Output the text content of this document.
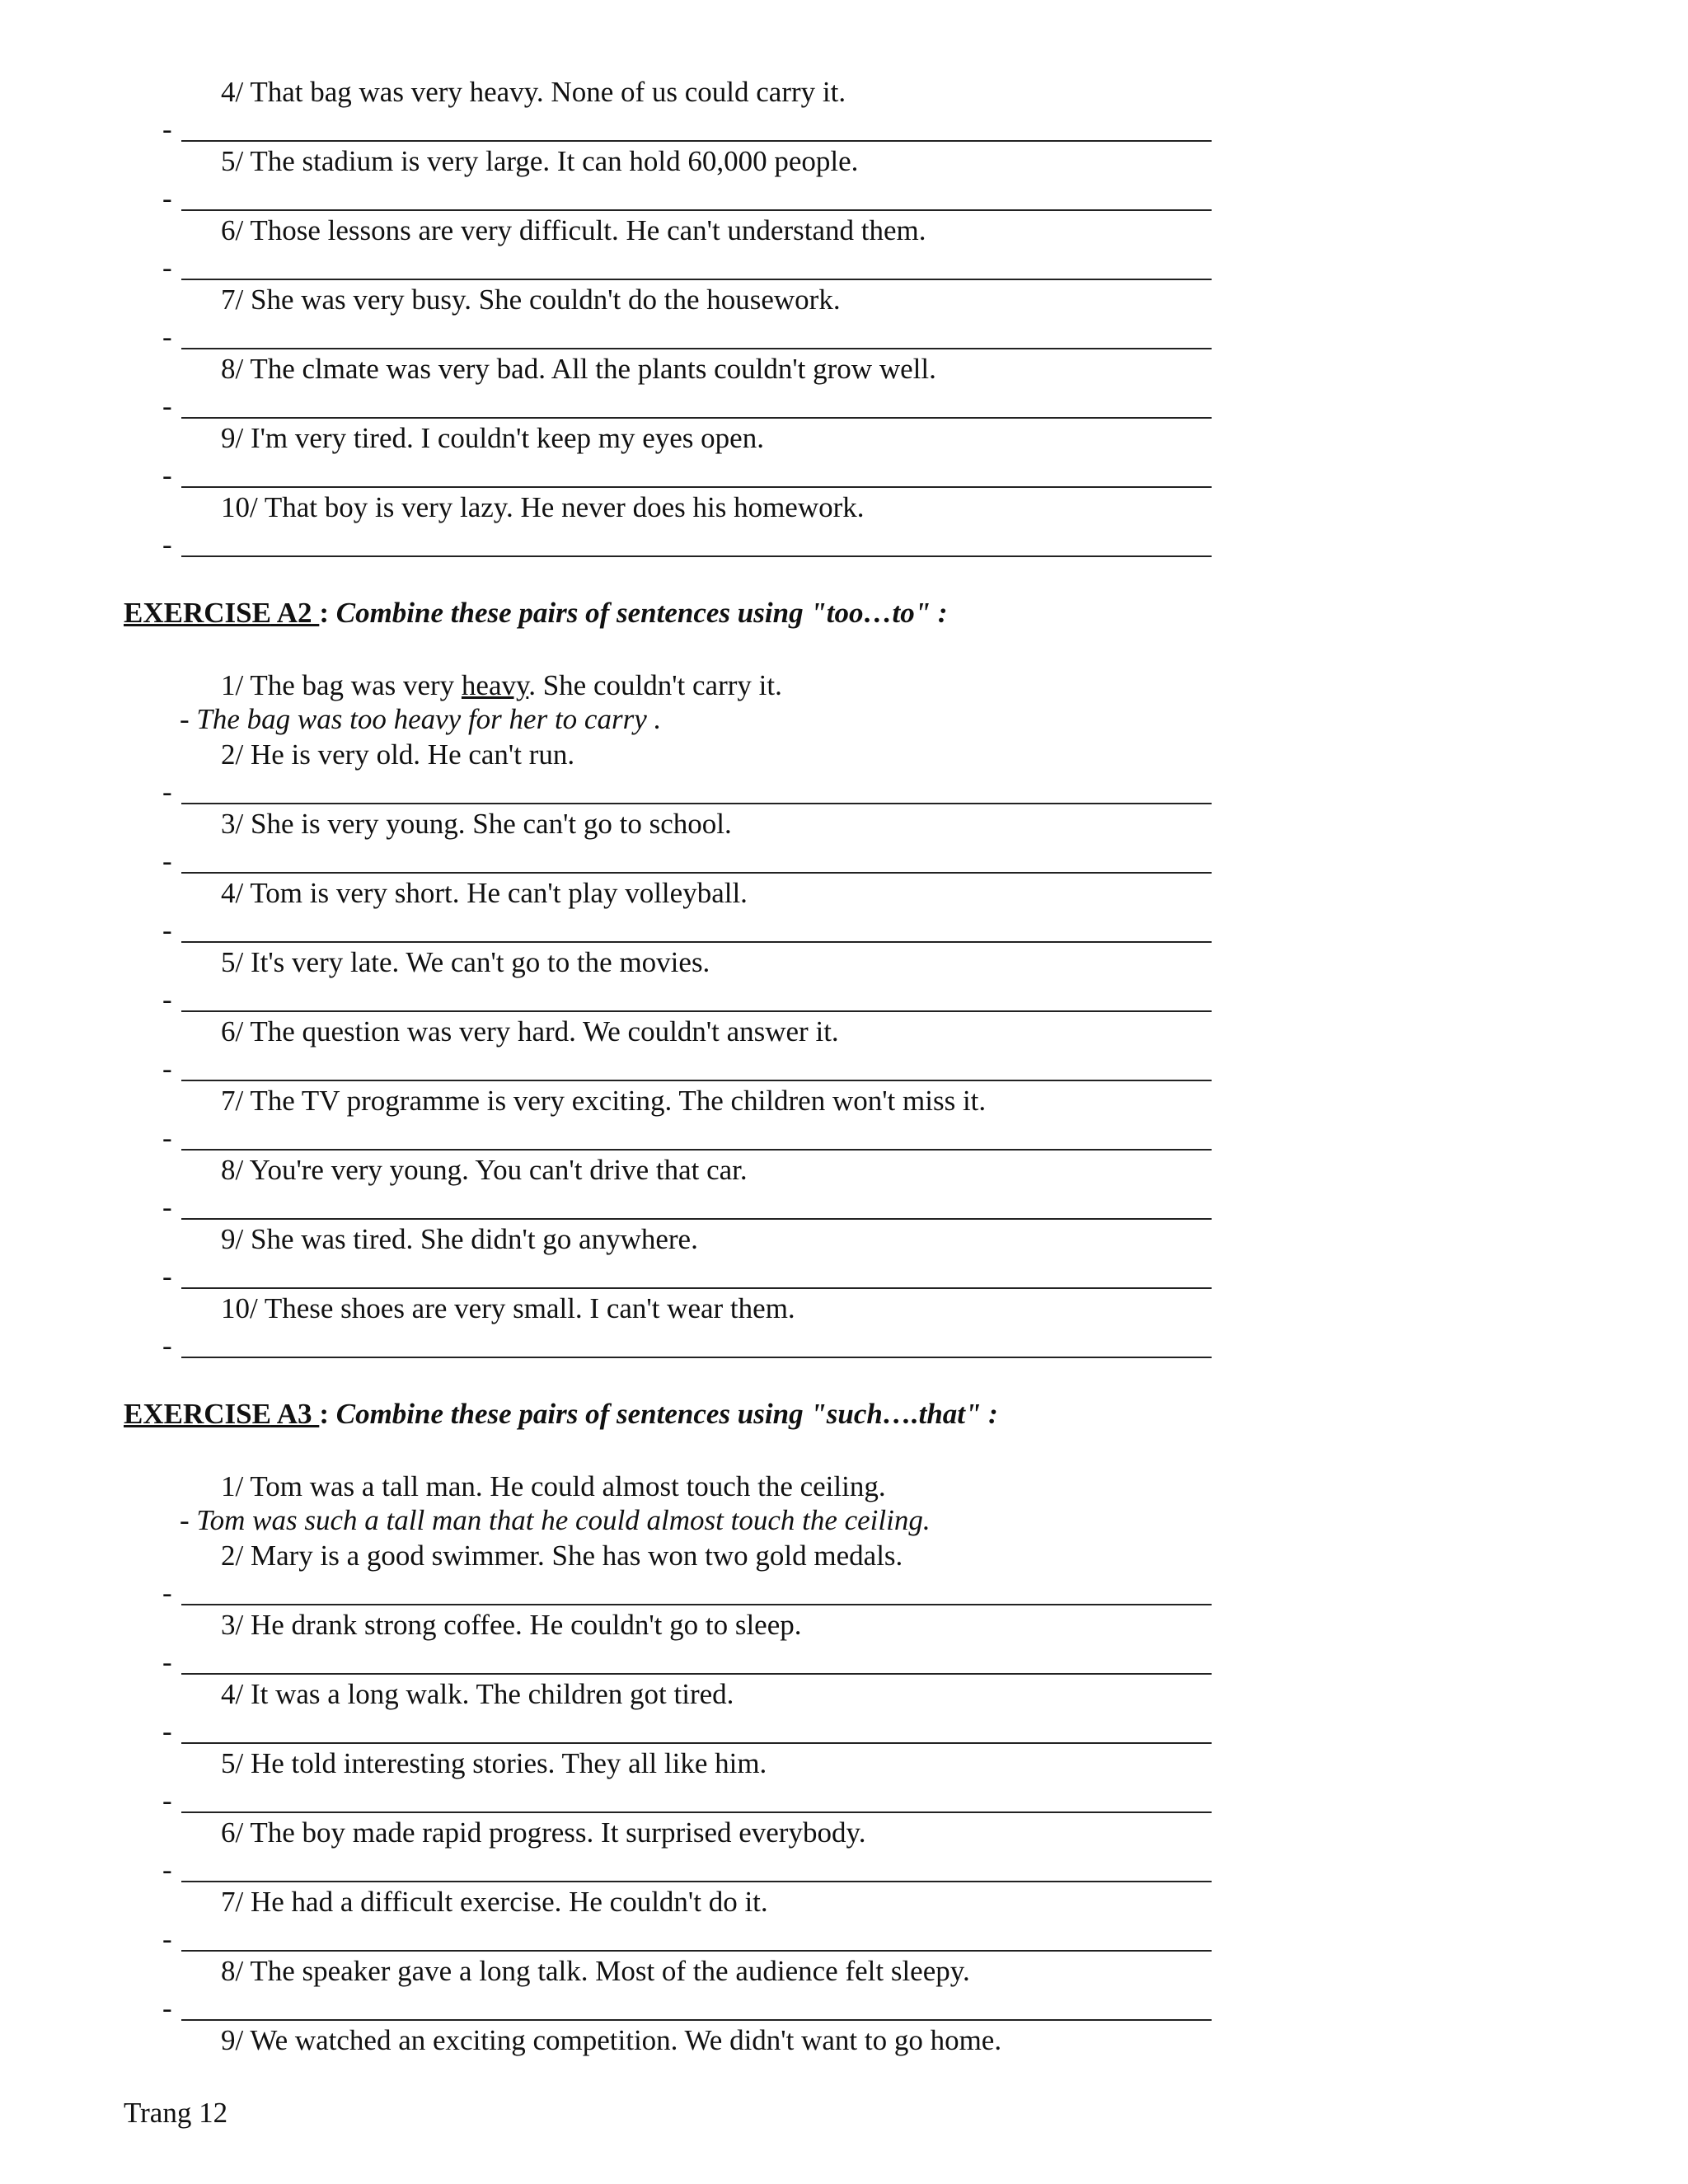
4/ That bag was very heavy. None of us could carry it.
-
5/ The stadium is very large. It can hold 60,000 people.
-
6/ Those lessons are very difficult. He can't understand them.
-
7/ She was very busy. She couldn't do the housework.
-
8/ The clmate was very bad. All the plants couldn't grow well.
-
9/ I'm very tired. I couldn't keep my eyes open.
-
10/ That boy is very lazy. He never does his homework.
-
EXERCISE A2 : Combine these pairs of sentences using "too…to" :
1/ The bag was very heavy. She couldn't carry it.
- The bag was too heavy for her to carry .
2/ He is very old. He can't run.
-
3/ She is very young. She can't go to school.
-
4/ Tom is very short. He can't play volleyball.
-
5/ It's very late. We can't go to the movies.
-
6/ The question was very hard. We couldn't answer it.
-
7/ The TV programme is very exciting. The children won't miss it.
-
8/ You're very young. You can't drive that car.
-
9/ She was tired. She didn't go anywhere.
-
10/ These shoes are very small. I can't wear them.
-
EXERCISE A3 : Combine these pairs of sentences using "such….that" :
1/ Tom was a tall man. He could almost touch the ceiling.
- Tom was such a tall man that he could almost touch the ceiling.
2/ Mary is a good swimmer. She has won two gold medals.
-
3/ He drank strong coffee. He couldn't go to sleep.
-
4/ It was a long walk. The children got tired.
-
5/ He told interesting stories. They all like him.
-
6/ The boy made rapid progress. It surprised everybody.
-
7/ He had a difficult exercise. He couldn't do it.
-
8/ The speaker gave a long talk. Most of the audience felt sleepy.
-
9/ We watched an exciting competition. We didn't want to go home.
Trang 12
